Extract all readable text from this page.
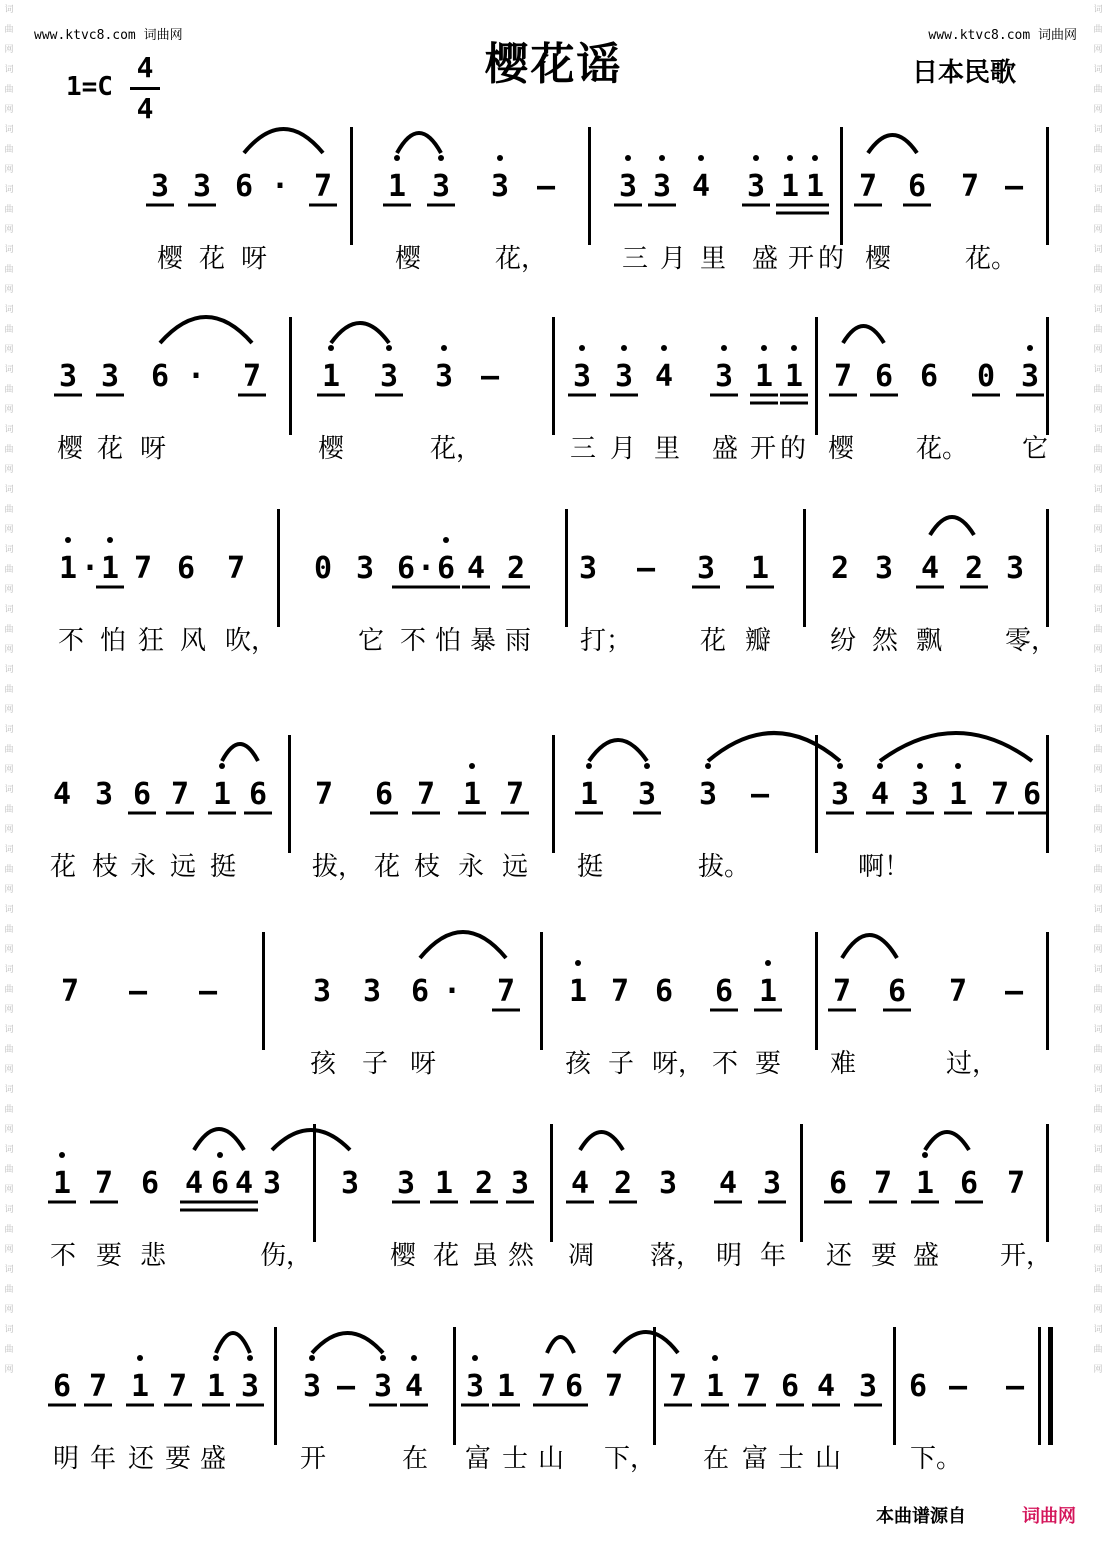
词曲网词曲网词曲网词曲网词曲网词曲网词曲网词曲网词曲网词曲网词曲网词曲网词曲网词曲网词曲网词曲网词曲网词曲网词曲网词曲网词曲网词曲网词曲网
词曲网词曲网词曲网词曲网词曲网词曲网词曲网词曲网词曲网词曲网词曲网词曲网词曲网词曲网词曲网词曲网词曲网词曲网词曲网词曲网词曲网词曲网词曲网
www.ktvc8.com 词曲网	www.ktvc8.com 词曲网
樱花谣	日本民歌
1=C
4
4
3 3 6 · 7 1 3 3 — 3 3 4 3 1 1 7 6 7 —
樱 花 呀	樱	花，	三 月 里 盛 开 的 樱	花。
3 3 6 · 7 1 3 3 — 3 3 4 3 1 1 7 6 6 0 3
樱 花 呀	樱	花，	三 月 里 盛 开 的 樱 花。 它
1 · 1 7 6 7 0 3 6 · 6 4 2 3 — 3 1 2 3 4 2 3
不 怕 狂 风 吹，	它 不 怕 暴 雨 打；	花 瓣 纷 然 飘 零，
4 3 6 7 1 6 7 6 7 1 7 1 3 3 — 3 4 3 1 7 6
花 枝 永 远 挺	拔， 花 枝 永 远 挺	拔。	啊！
7 — —	3 3 6 · 7 1 7 6 6 1 7 6 7 —
孩 子 呀	孩 子 呀， 不 要 难	过，
1 7 6 4 6 4 3 3 3 1 2 3 4 2 3 4 3 6 7 1 6 7
不 要 悲	伤，	樱 花 虽 然 凋 落， 明 年 还 要 盛 开，
6 7 1 7 1 3 3 — 3 4 3 1 7 6 7 7 1 7 6 4 3 6 — —
明 年 还 要 盛	开	在 富 士 山 下， 在 富 士 山	下。
本曲谱源自	词曲网
